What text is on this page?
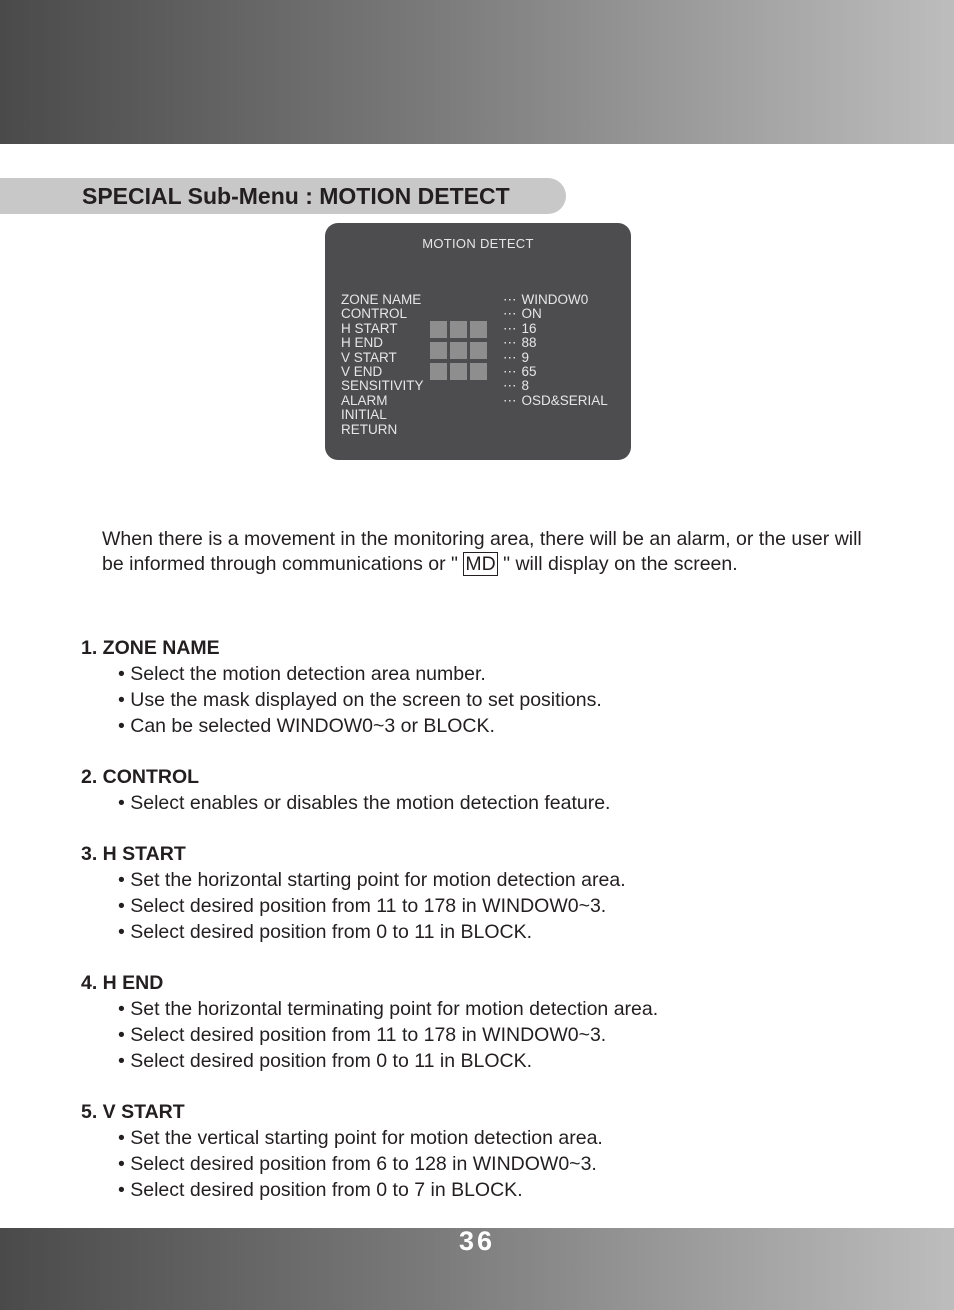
SPECIAL Sub-Menu : MOTION DETECT
MOTION DETECT
ZONE NAME
CONTROL
H START
H END
V START
V END
SENSITIVITY
ALARM
INITIAL
RETURN
⋯ WINDOW0
⋯ ON
⋯ 16
⋯ 88
⋯ 9
⋯ 65
⋯ 8
⋯ OSD&SERIAL
When there is a movement in the monitoring area, there will be an alarm, or the user will be informed through communications or " MD " will display on the screen.
1. ZONE NAME
• Select the motion detection area number.
• Use the mask displayed on the screen to set positions.
• Can be selected WINDOW0~3 or BLOCK.
2. CONTROL
• Select enables or disables the motion detection feature.
3. H START
• Set the horizontal starting point for motion detection area.
• Select desired position from 11 to 178 in WINDOW0~3.
• Select desired position from 0 to 11 in BLOCK.
4. H END
• Set the horizontal terminating point for motion detection area.
• Select desired position from 11 to 178 in WINDOW0~3.
• Select desired position from 0 to 11 in BLOCK.
5. V START
• Set the vertical starting point for motion detection area.
• Select desired position from 6 to 128 in WINDOW0~3.
• Select desired position from 0 to 7 in BLOCK.
36
